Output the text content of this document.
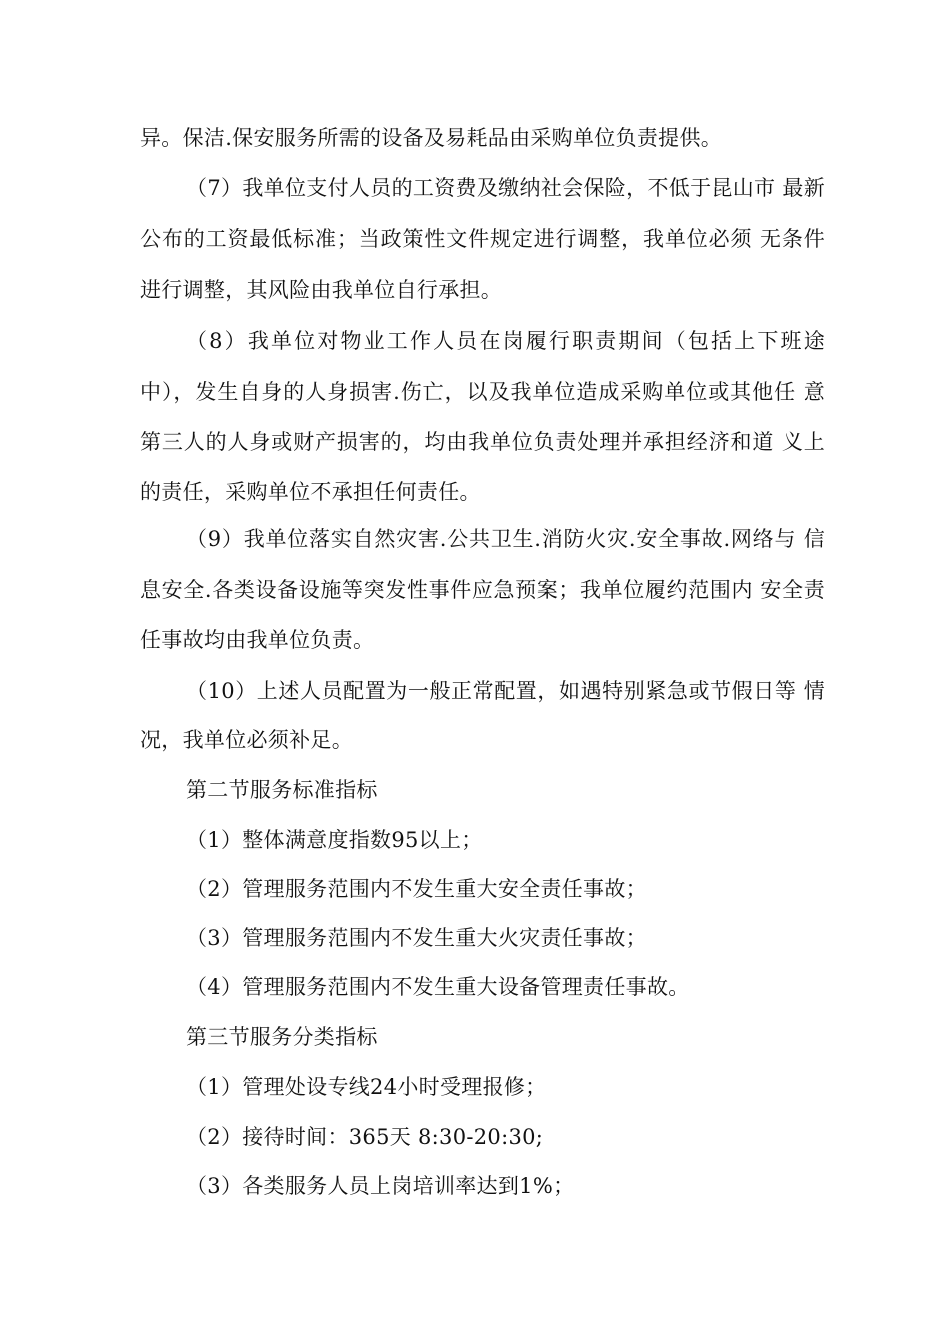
异。保洁.保安服务所需的设备及易耗品由采购单位负责提供。
（7）我单位支付人员的工资费及缴纳社会保险，不低于昆山市 最新
公布的工资最低标准；当政策性文件规定进行调整，我单位必须 无条件
进行调整，其风险由我单位自行承担。
（8）我单位对物业工作人员在岗履行职责期间（包括上下班途
中），发生自身的人身损害.伤亡，以及我单位造成采购单位或其他任 意
第三人的人身或财产损害的，均由我单位负责处理并承担经济和道 义上
的责任，采购单位不承担任何责任。
（9）我单位落实自然灾害.公共卫生.消防火灾.安全事故.网络与 信
息安全.各类设备设施等突发性事件应急预案；我单位履约范围内 安全责
任事故均由我单位负责。
（10）上述人员配置为一般正常配置，如遇特别紧急或节假日等 情
况，我单位必须补足。
第二节服务标准指标
（1）整体满意度指数95以上；
（2）管理服务范围内不发生重大安全责任事故；
（3）管理服务范围内不发生重大火灾责任事故；
（4）管理服务范围内不发生重大设备管理责任事故。
第三节服务分类指标
（1）管理处设专线24小时受理报修；
（2）接待时间：365天 8:30-20:30;
（3）各类服务人员上岗培训率达到1%；
